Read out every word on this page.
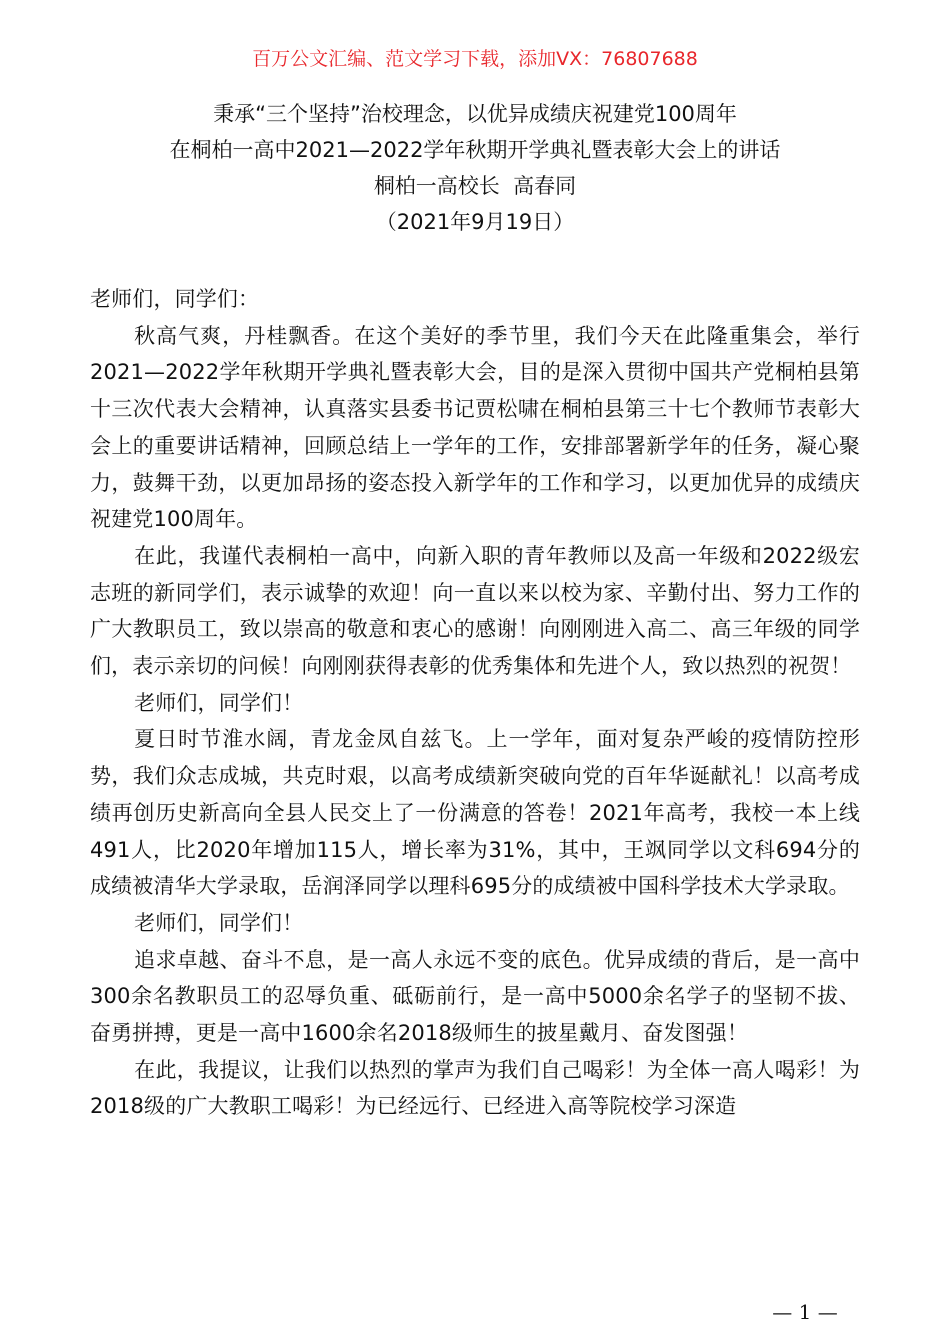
百万公文汇编、范文学习下载，添加VX：76807688
秉承“三个坚持”治校理念，以优异成绩庆祝建党100周年
在桐柏一高中2021—2022学年秋期开学典礼暨表彰大会上的讲话
桐柏一高校长  高春同
（2021年9月19日）

老师们，同学们：

秋高气爽，丹桂飘香。在这个美好的季节里，我们今天在此隆重集会，举行2021—2022学年秋期开学典礼暨表彰大会，目的是深入贯彻中国共产党桐柏县第十三次代表大会精神，认真落实县委书记贾松啸在桐柏县第三十七个教师节表彰大会上的重要讲话精神，回顾总结上一学年的工作，安排部署新学年的任务，凝心聚力，鼓舞干劲，以更加昂扬的姿态投入新学年的工作和学习，以更加优异的成绩庆祝建党100周年。

在此，我谨代表桐柏一高中，向新入职的青年教师以及高一年级和2022级宏志班的新同学们，表示诚挚的欢迎！向一直以来以校为家、辛勤付出、努力工作的广大教职员工，致以崇高的敬意和衷心的感谢！向刚刚进入高二、高三年级的同学们，表示亲切的问候！向刚刚获得表彰的优秀集体和先进个人，致以热烈的祝贺！

老师们，同学们！

夏日时节淮水阔，青龙金凤自兹飞。上一学年，面对复杂严峻的疫情防控形势，我们众志成城，共克时艰，以高考成绩新突破向党的百年华诞献礼！以高考成绩再创历史新高向全县人民交上了一份满意的答卷！2021年高考，我校一本上线491人，比2020年增加115人，增长率为31%，其中，王飒同学以文科694分的成绩被清华大学录取，岳润泽同学以理科695分的成绩被中国科学技术大学录取。

老师们，同学们！

追求卓越、奋斗不息，是一高人永远不变的底色。优异成绩的背后，是一高中300余名教职员工的忍辱负重、砥砺前行，是一高中5000余名学子的坚韧不拔、奋勇拼搏，更是一高中1600余名2018级师生的披星戴月、奋发图强！

在此，我提议，让我们以热烈的掌声为我们自己喝彩！为全体一高人喝彩！为2018级的广大教职工喝彩！为已经远行、已经进入高等院校学习深造

— 1 —
